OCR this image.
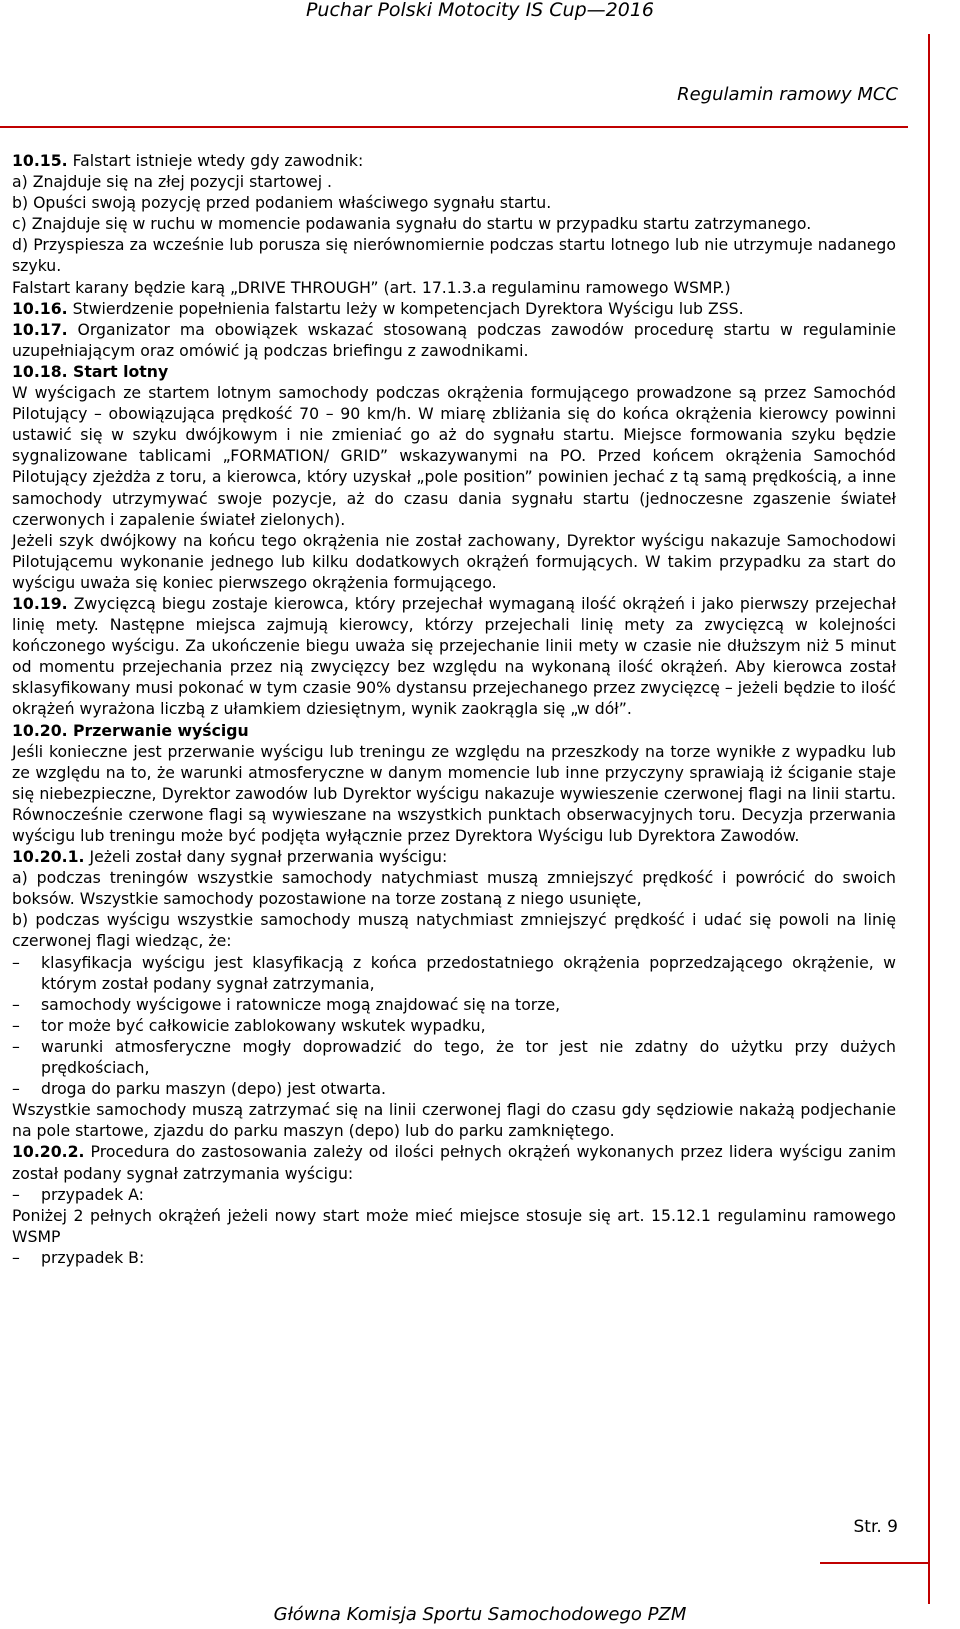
Puchar Polski Motocity IS Cup—2016
Regulamin ramowy MCC

10.15. Falstart istnieje wtedy gdy zawodnik:

a) Znajduje się na złej pozycji startowej .

b) Opuści swoją pozycję przed podaniem właściwego sygnału startu.

c) Znajduje się w ruchu w momencie podawania sygnału do startu w przypadku startu zatrzymanego.

d) Przyspiesza za wcześnie lub porusza się nierównomiernie podczas startu lotnego lub nie utrzymuje nadanego szyku.

Falstart karany będzie karą „DRIVE THROUGH” (art. 17.1.3.a regulaminu ramowego WSMP.)

10.16. Stwierdzenie popełnienia falstartu leży w kompetencjach Dyrektora Wyścigu lub ZSS.

10.17. Organizator ma obowiązek wskazać stosowaną podczas zawodów procedurę startu w regulaminie uzupełniającym oraz omówić ją podczas briefingu z zawodnikami.

10.18. Start lotny

W wyścigach ze startem lotnym samochody podczas okrążenia formującego prowadzone są przez Samochód Pilotujący – obowiązująca prędkość 70 – 90 km/h. W miarę zbliżania się do końca okrążenia kierowcy powinni ustawić się w szyku dwójkowym i nie zmieniać go aż do sygnału startu. Miejsce formowania szyku będzie sygnalizowane tablicami „FORMATION/ GRID” wskazywanymi na PO. Przed końcem okrążenia Samochód Pilotujący zjeżdża z toru, a kierowca, który uzyskał „pole position” powinien jechać z tą samą prędkością, a inne samochody utrzymywać swoje pozycje, aż do czasu dania sygnału startu (jednoczesne zgaszenie świateł czerwonych i zapalenie świateł zielonych).

Jeżeli szyk dwójkowy na końcu tego okrążenia nie został zachowany, Dyrektor wyścigu nakazuje Samochodowi Pilotującemu wykonanie jednego lub kilku dodatkowych okrążeń formujących. W takim przypadku za start do wyścigu uważa się koniec pierwszego okrążenia formującego.

10.19. Zwycięzcą biegu zostaje kierowca, który przejechał wymaganą ilość okrążeń i jako pierwszy przejechał linię mety. Następne miejsca zajmują kierowcy, którzy przejechali linię mety za zwycięzcą w kolejności kończonego wyścigu. Za ukończenie biegu uważa się przejechanie linii mety w czasie nie dłuższym niż 5 minut od momentu przejechania przez nią zwycięzcy bez względu na wykonaną ilość okrążeń. Aby kierowca został sklasyfikowany musi pokonać w tym czasie 90% dystansu przejechanego przez zwycięzcę – jeżeli będzie to ilość okrążeń wyrażona liczbą z ułamkiem dziesiętnym, wynik zaokrągla się „w dół”.

10.20. Przerwanie wyścigu

Jeśli konieczne jest przerwanie wyścigu lub treningu ze względu na przeszkody na torze wynikłe z wypadku lub ze względu na to, że warunki atmosferyczne w danym momencie lub inne przyczyny sprawiają iż ściganie staje się niebezpieczne, Dyrektor zawodów lub Dyrektor wyścigu nakazuje wywieszenie czerwonej flagi na linii startu. Równocześnie czerwone flagi są wywieszane na wszystkich punktach obserwacyjnych toru. Decyzja przerwania wyścigu lub treningu może być podjęta wyłącznie przez Dyrektora Wyścigu lub Dyrektora Zawodów.

10.20.1. Jeżeli został dany sygnał przerwania wyścigu:

a) podczas treningów wszystkie samochody natychmiast muszą zmniejszyć prędkość i powrócić do swoich boksów. Wszystkie samochody pozostawione na torze zostaną z niego usunięte,

b) podczas wyścigu wszystkie samochody muszą natychmiast zmniejszyć prędkość i udać się powoli na linię czerwonej flagi wiedząc, że:

– klasyfikacja wyścigu jest klasyfikacją z końca przedostatniego okrążenia poprzedzającego okrążenie, w którym został podany sygnał zatrzymania,
– samochody wyścigowe i ratownicze mogą znajdować się na torze,
– tor może być całkowicie zablokowany wskutek wypadku,
– warunki atmosferyczne mogły doprowadzić do tego, że tor jest nie zdatny do użytku przy dużych prędkościach,
– droga do parku maszyn (depo) jest otwarta.

Wszystkie samochody muszą zatrzymać się na linii czerwonej flagi do czasu gdy sędziowie nakażą podjechanie na pole startowe, zjazdu do parku maszyn (depo) lub do parku zamkniętego.

10.20.2. Procedura do zastosowania zależy od ilości pełnych okrążeń wykonanych przez lidera wyścigu zanim został podany sygnał zatrzymania wyścigu:

– przypadek A:

Poniżej 2 pełnych okrążeń jeżeli nowy start może mieć miejsce stosuje się art. 15.12.1 regulaminu ramowego WSMP

– przypadek B:
Str. 9
Główna Komisja Sportu Samochodowego PZM
